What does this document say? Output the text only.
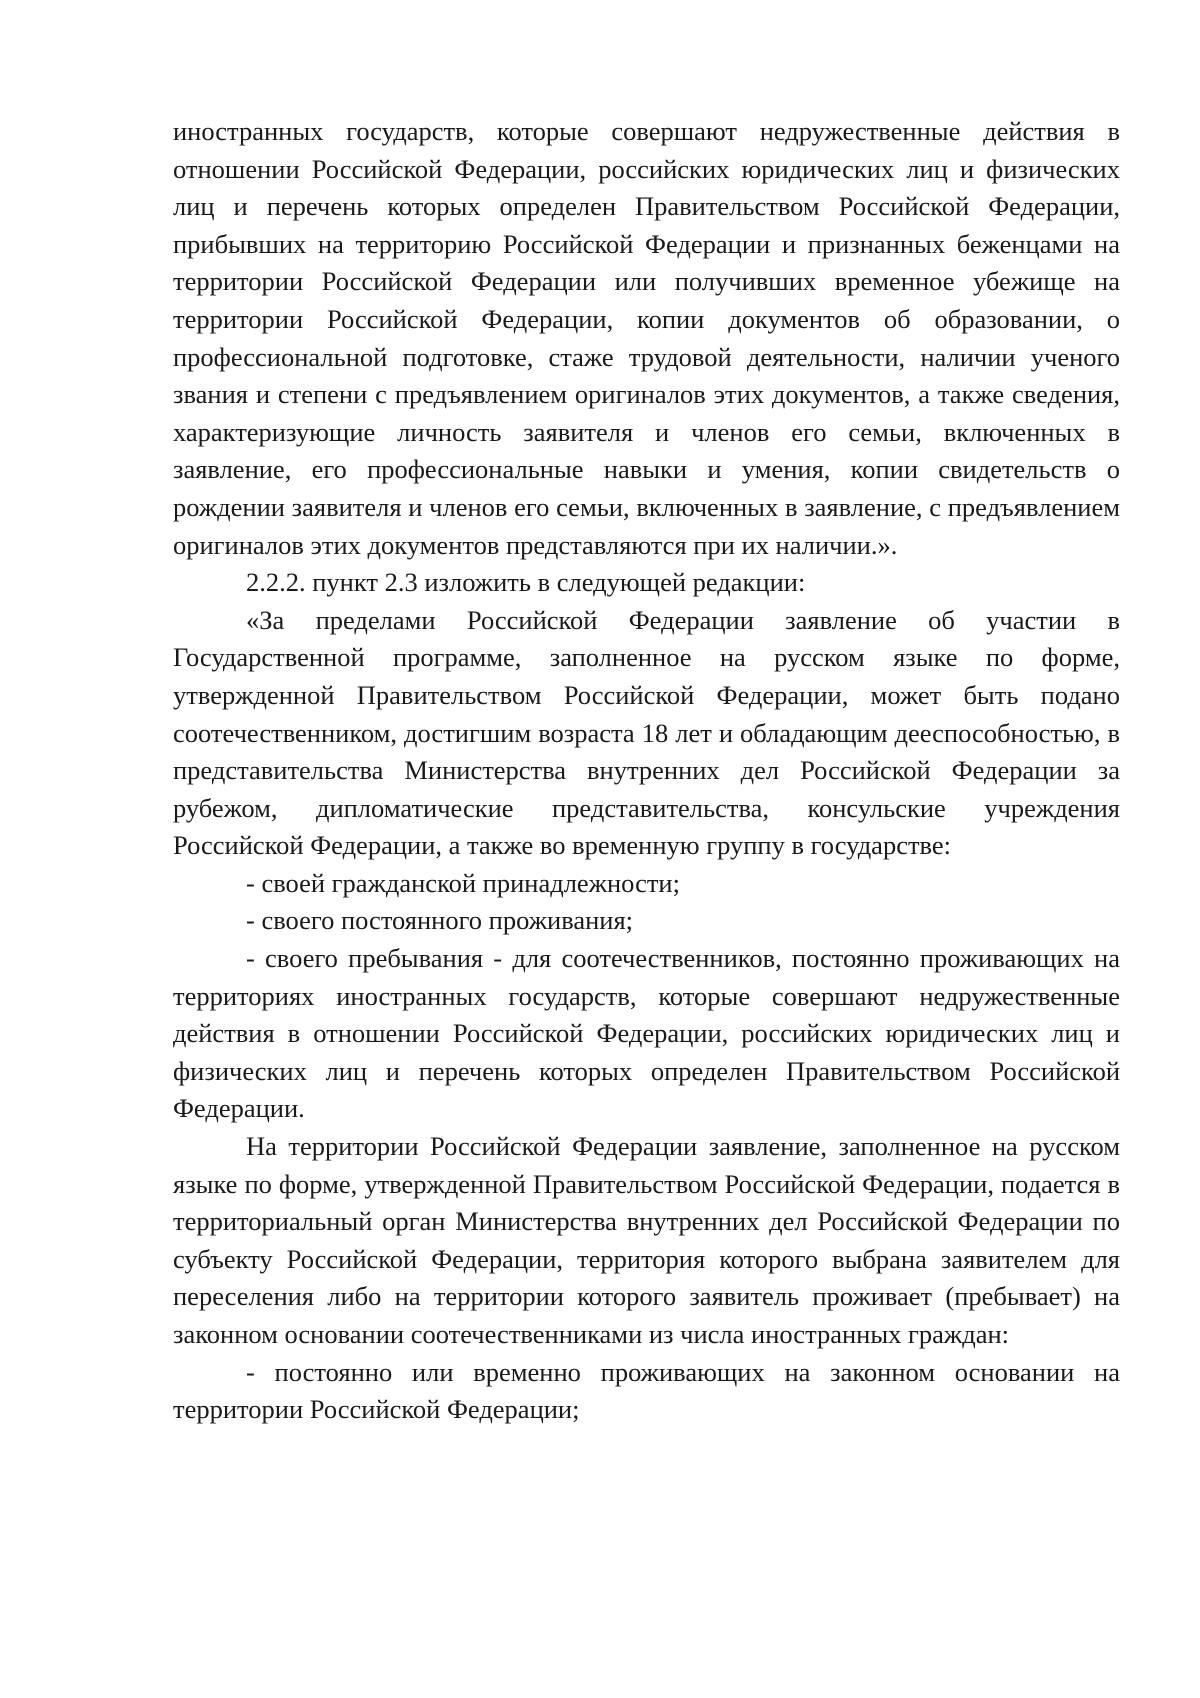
иностранных государств, которые совершают недружественные действия в отношении Российской Федерации, российских юридических лиц и физических лиц и перечень которых определен Правительством Российской Федерации, прибывших на территорию Российской Федерации и признанных беженцами на территории Российской Федерации или получивших временное убежище на территории Российской Федерации, копии документов об образовании, о профессиональной подготовке, стаже трудовой деятельности, наличии ученого звания и степени с предъявлением оригиналов этих документов, а также сведения, характеризующие личность заявителя и членов его семьи, включенных в заявление, его профессиональные навыки и умения, копии свидетельств о рождении заявителя и членов его семьи, включенных в заявление, с предъявлением оригиналов этих документов представляются при их наличии.».

2.2.2. пункт 2.3 изложить в следующей редакции:

«За пределами Российской Федерации заявление об участии в Государственной программе, заполненное на русском языке по форме, утвержденной Правительством Российской Федерации, может быть подано соотечественником, достигшим возраста 18 лет и обладающим дееспособностью, в представительства Министерства внутренних дел Российской Федерации за рубежом, дипломатические представительства, консульские учреждения Российской Федерации, а также во временную группу в государстве:

- своей гражданской принадлежности;

- своего постоянного проживания;

- своего пребывания - для соотечественников, постоянно проживающих на территориях иностранных государств, которые совершают недружественные действия в отношении Российской Федерации, российских юридических лиц и физических лиц и перечень которых определен Правительством Российской Федерации.

На территории Российской Федерации заявление, заполненное на русском языке по форме, утвержденной Правительством Российской Федерации, подается в территориальный орган Министерства внутренних дел Российской Федерации по субъекту Российской Федерации, территория которого выбрана заявителем для переселения либо на территории которого заявитель проживает (пребывает) на законном основании соотечественниками из числа иностранных граждан:

- постоянно или временно проживающих на законном основании на территории Российской Федерации;
